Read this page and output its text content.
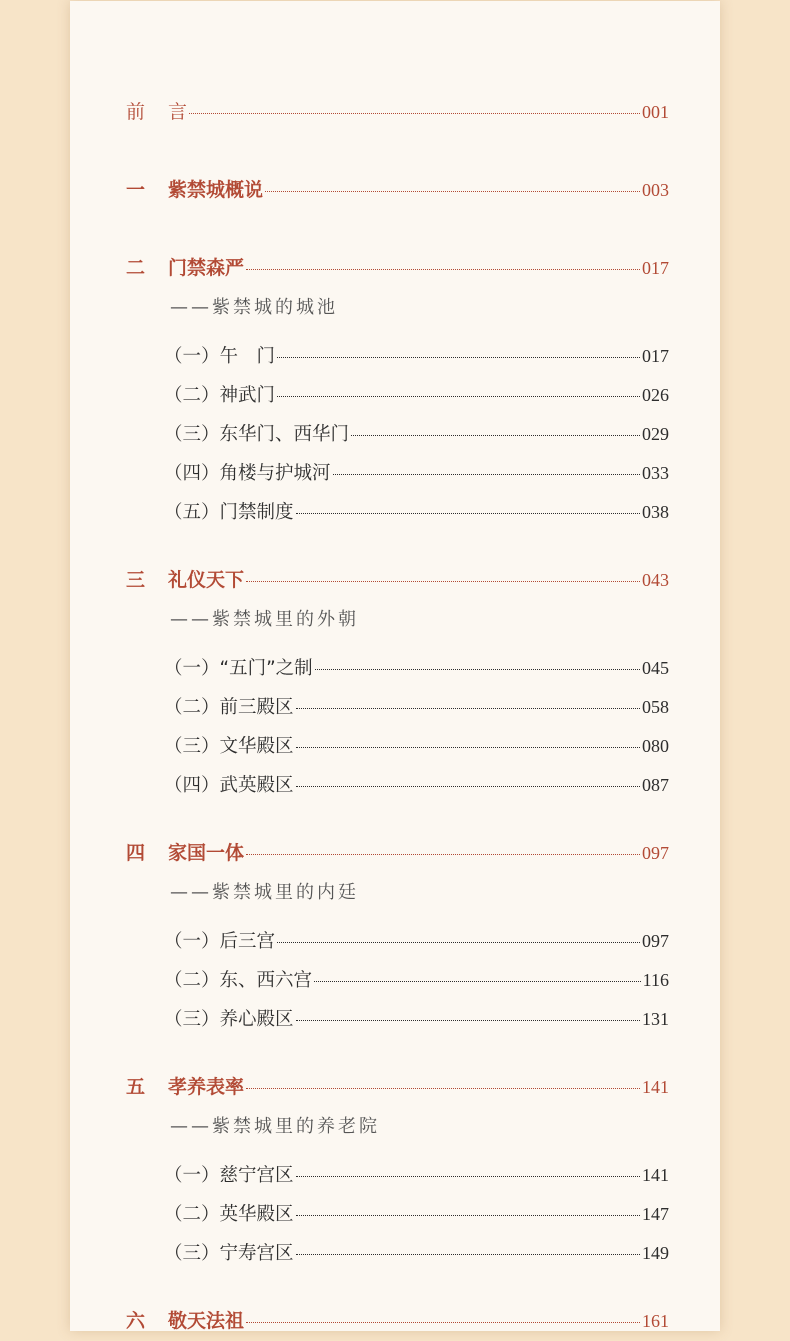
前	言	001
一	紫禁城概说	003
二	门禁森严	017
——紫禁城的城池
（一）午　门	017
（二）神武门	026
（三）东华门、西华门	029
（四）角楼与护城河	033
（五）门禁制度	038
三	礼仪天下	043
——紫禁城里的外朝
（一）“五门”之制	045
（二）前三殿区	058
（三）文华殿区	080
（四）武英殿区	087
四	家国一体	097
——紫禁城里的内廷
（一）后三宫	097
（二）东、西六宫	116
（三）养心殿区	131
五	孝养表率	141
——紫禁城里的养老院
（一）慈宁宫区	141
（二）英华殿区	147
（三）宁寿宫区	149
六	敬天法祖	161
